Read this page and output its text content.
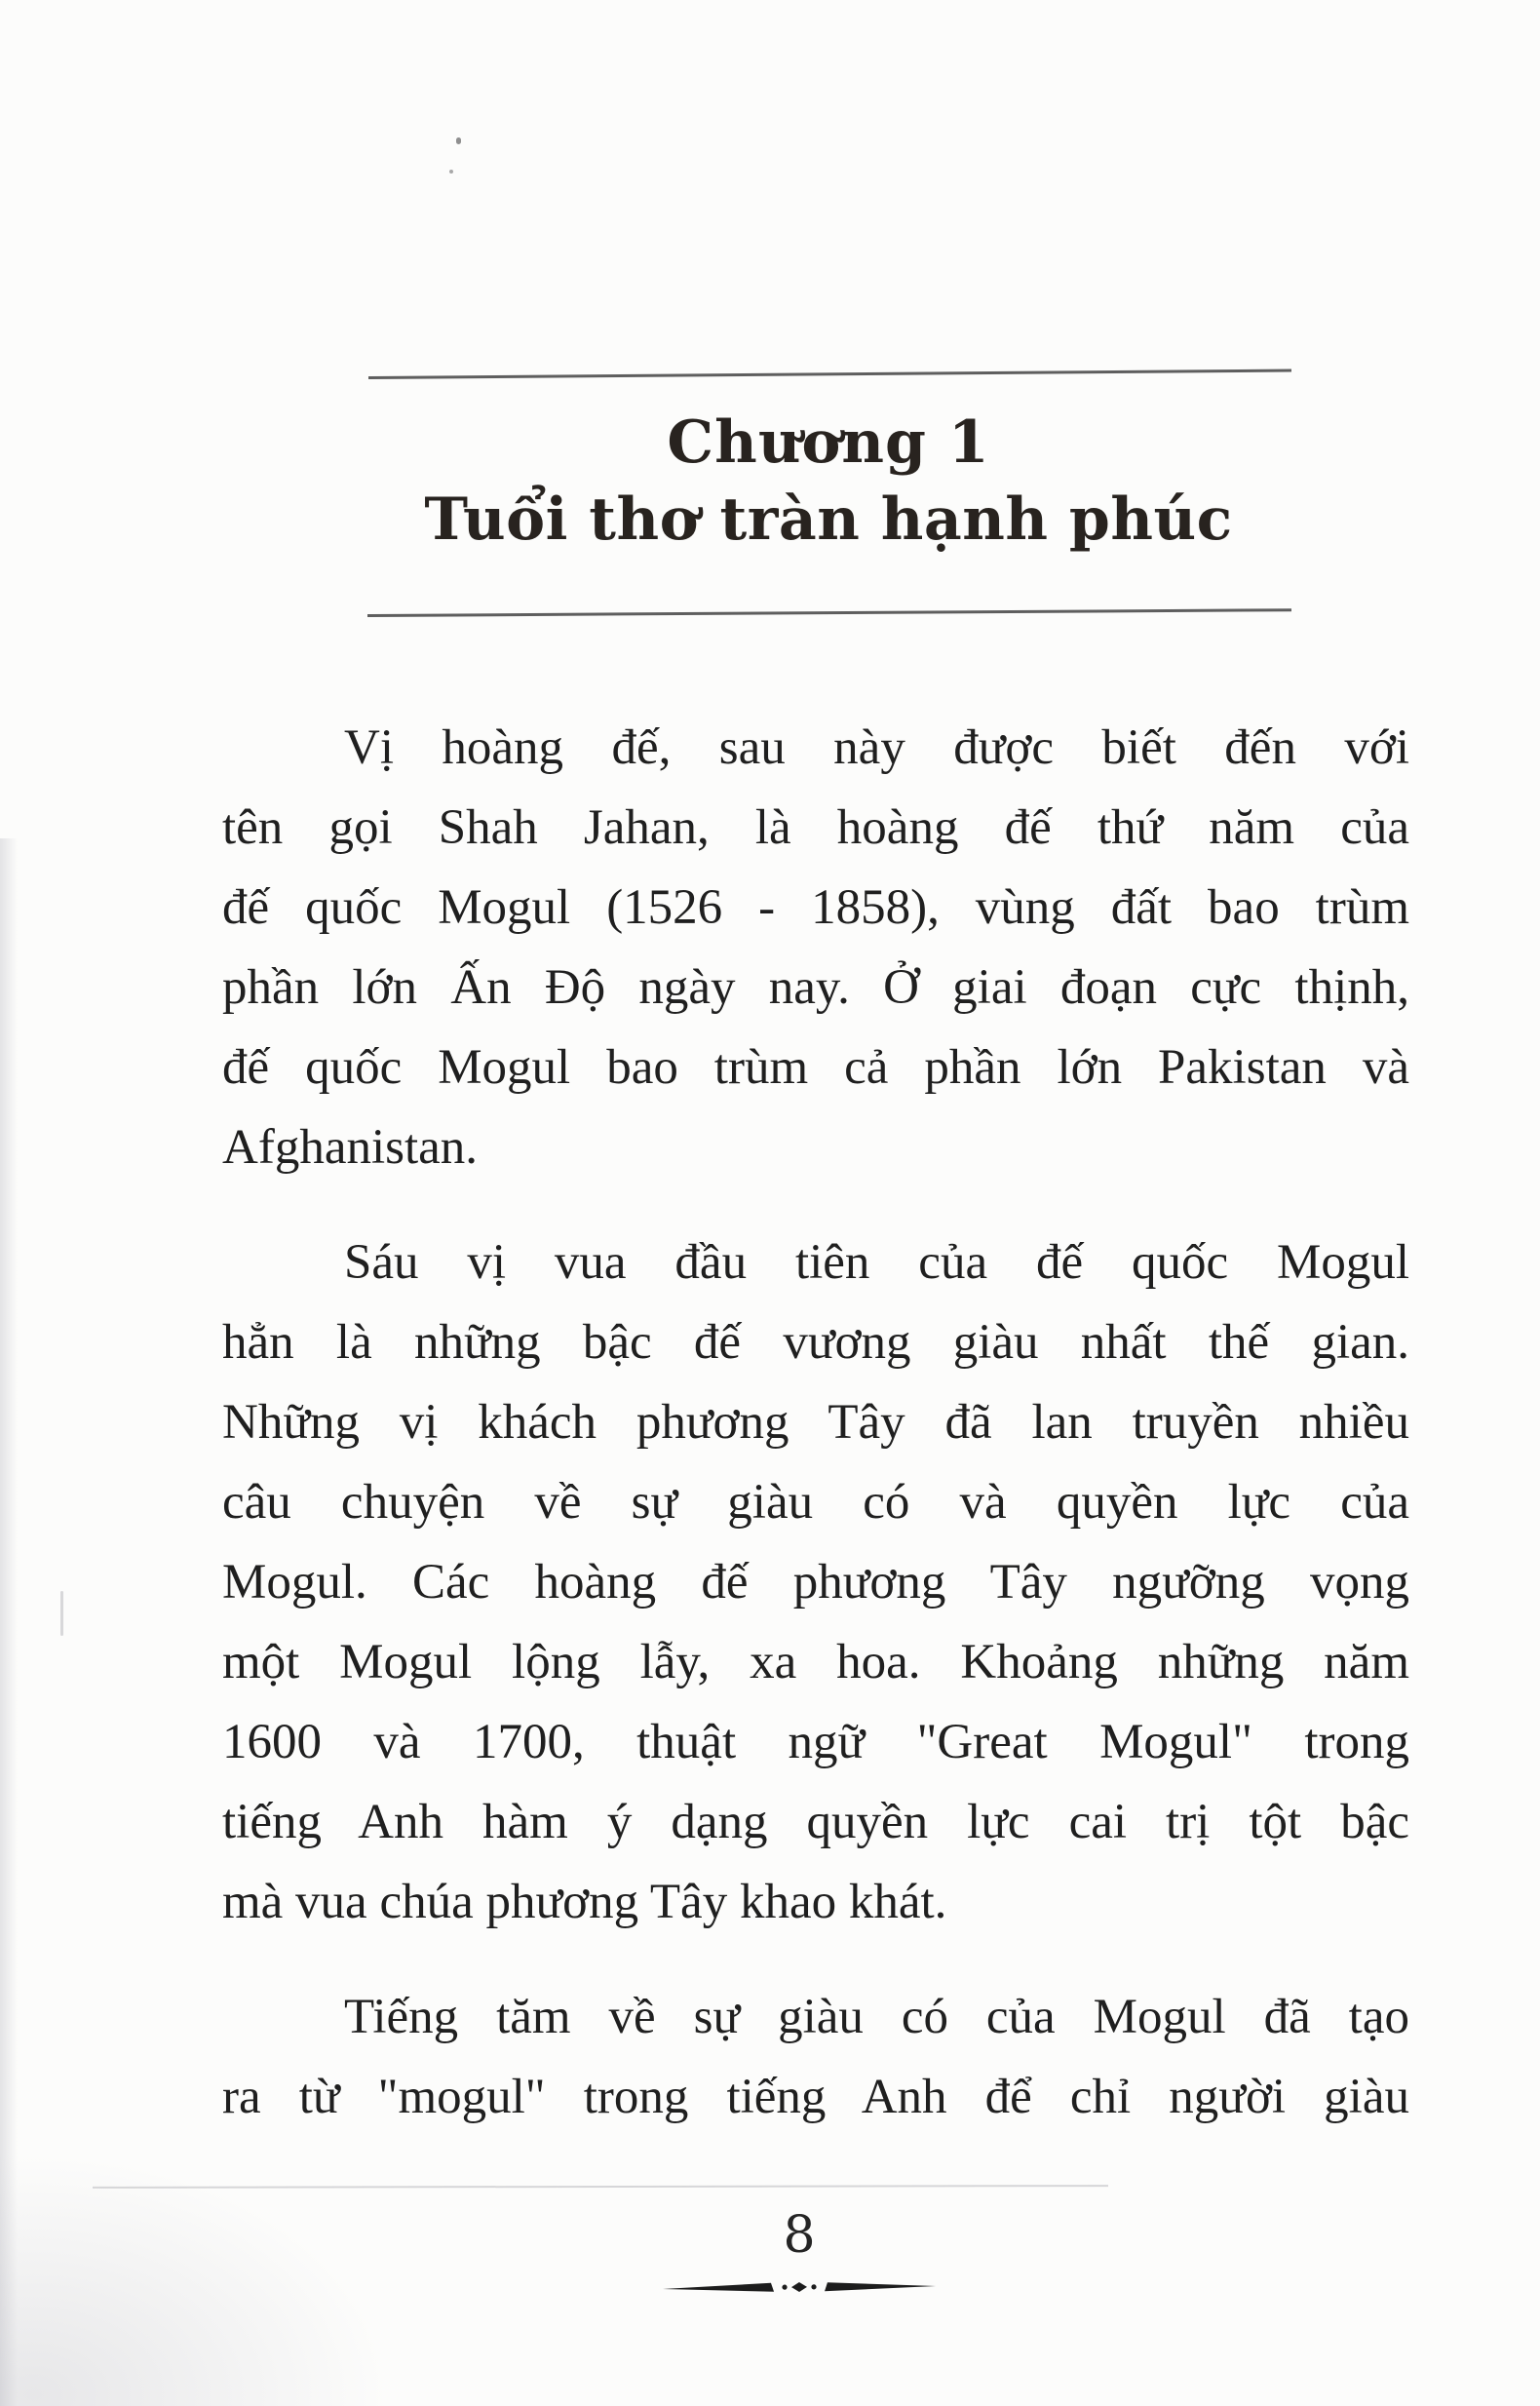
Chương 1
Tuổi thơ tràn hạnh phúc
Vị hoàng đế, sau này được biết đến với
tên gọi Shah Jahan, là hoàng đế thứ năm của
đế quốc Mogul (1526 - 1858), vùng đất bao trùm
phần lớn Ấn Độ ngày nay. Ở giai đoạn cực thịnh,
đế quốc Mogul bao trùm cả phần lớn Pakistan và
Afghanistan.
Sáu vị vua đầu tiên của đế quốc Mogul
hẳn là những bậc đế vương giàu nhất thế gian.
Những vị khách phương Tây đã lan truyền nhiều
câu chuyện về sự giàu có và quyền lực của
Mogul. Các hoàng đế phương Tây ngưỡng vọng
một Mogul lộng lẫy, xa hoa. Khoảng những năm
1600 và 1700, thuật ngữ "Great Mogul" trong
tiếng Anh hàm ý dạng quyền lực cai trị tột bậc
mà vua chúa phương Tây khao khát.
Tiếng tăm về sự giàu có của Mogul đã tạo
ra từ "mogul" trong tiếng Anh để chỉ người giàu
8
